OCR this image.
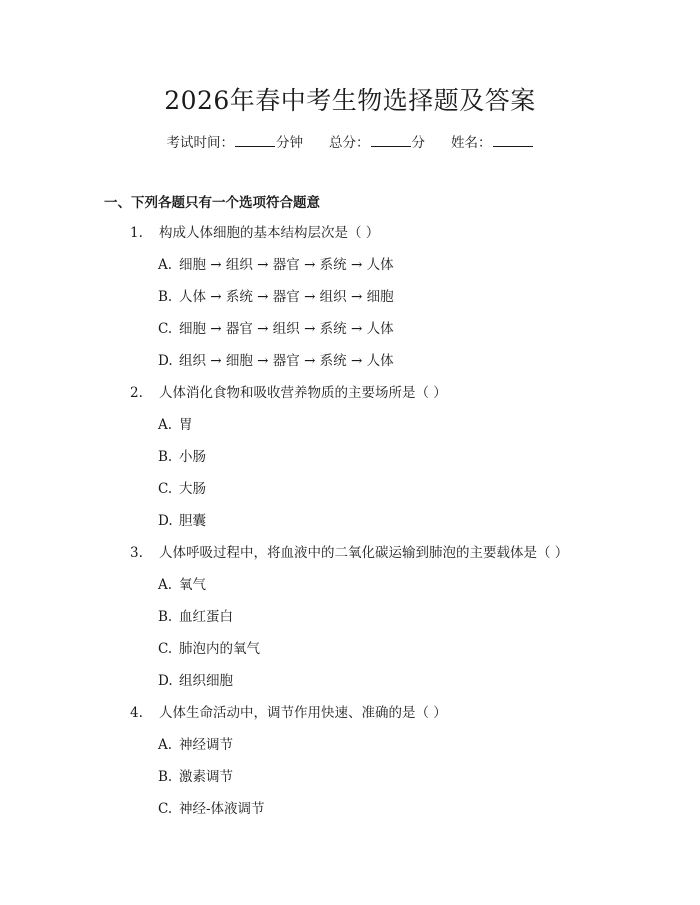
2026年春中考生物选择题及答案
考试时间：	分钟 总分：	分 姓名：
一、下列各题只有一个选项符合题意
1. 构成人体细胞的基本结构层次是（ ）
A. 细胞 → 组织 → 器官 → 系统 → 人体
B. 人体 → 系统 → 器官 → 组织 → 细胞
C. 细胞 → 器官 → 组织 → 系统 → 人体
D. 组织 → 细胞 → 器官 → 系统 → 人体
2. 人体消化食物和吸收营养物质的主要场所是（ ）
A. 胃
B. 小肠
C. 大肠
D. 胆囊
3. 人体呼吸过程中，将血液中的二氧化碳运输到肺泡的主要载体是（ ）
A. 氧气
B. 血红蛋白
C. 肺泡内的氧气
D. 组织细胞
4. 人体生命活动中，调节作用快速、准确的是（ ）
A. 神经调节
B. 激素调节
C. 神经-体液调节
